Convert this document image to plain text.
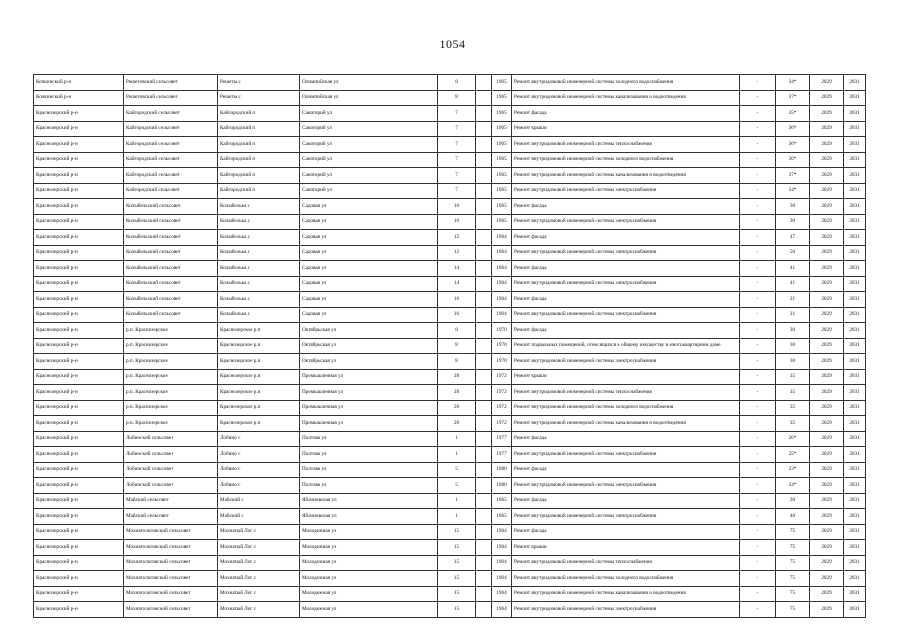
1054
Кочкинский р-н	Решетовский сельсовет	Решеты с	Олимпийская ул	8		1965	Ремонт внутридомовой инженерной системы холодного водоснабжения	-	34*	2029	2031
Кочкинский р-н	Решетовский сельсовет	Решеты с	Олимпийская ул	8		1965	Ремонт внутридомовой инженерной системы канализования и водоотведения	-	37*	2029	2031
Краснозерский р-н	Кайгородский сельсовет	Кайгородский п	Санаторий ул	7		1965	Ремонт фасада	-	35*	2029	2031
Краснозерский р-н	Кайгородский сельсовет	Кайгородский п	Санаторий ул	7		1965	Ремонт крыши	-	36*	2029	2031
Краснозерский р-н	Кайгородский сельсовет	Кайгородский п	Санаторий ул	7		1965	Ремонт внутридомовой инженерной системы теплоснабжения	-	36*	2029	2031
Краснозерский р-н	Кайгородский сельсовет	Кайгородский п	Санаторий ул	7		1965	Ремонт внутридомовой инженерной системы холодного водоснабжения	-	36*	2029	2031
Краснозерский р-н	Кайгородский сельсовет	Кайгородский п	Санаторий ул	7		1965	Ремонт внутридомовой инженерной системы канализования и водоотведения	-	37*	2029	2031
Краснозерский р-н	Кайгородский сельсовет	Кайгородский п	Санаторий ул	7		1965	Ремонт внутридомовой инженерной системы электроснабжения	-	34*	2029	2031
Краснозерский р-н	Колыбельский сельсовет	Колыбелька с	Садовая ул	10		1965	Ремонт фасада	-	30	2029	2031
Краснозерский р-н	Колыбельский сельсовет	Колыбелька с	Садовая ул	10		1965	Ремонт внутридомовой инженерной системы электроснабжения	-	30	2029	2031
Краснозерский р-н	Колыбельский сельсовет	Колыбелька с	Садовая ул	12		1964	Ремонт фасада	-	47	2029	2031
Краснозерский р-н	Колыбельский сельсовет	Колыбелька с	Садовая ул	12		1964	Ремонт внутридомовой инженерной системы электроснабжения	-	50	2029	2031
Краснозерский р-н	Колыбельский сельсовет	Колыбелька с	Садовая ул	14		1964	Ремонт фасада	-	41	2029	2031
Краснозерский р-н	Колыбельский сельсовет	Колыбелька с	Садовая ул	14		1964	Ремонт внутридомовой инженерной системы электроснабжения	-	41	2029	2031
Краснозерский р-н	Колыбельский сельсовет	Колыбелька с	Садовая ул	16		1964	Ремонт фасада	-	21	2029	2031
Краснозерский р-н	Колыбельский сельсовет	Колыбелька с	Садовая ул	16		1964	Ремонт внутридомовой инженерной системы электроснабжения	-	21	2029	2031
Краснозерский р-н	р.п. Краснозерское	Краснозерское р.п	Октябрьская ул	8		1970	Ремонт фасада	-	30	2029	2031
Краснозерский р-н	р.п. Краснозерское	Краснозерское р.п	Октябрьская ул	8		1970	Ремонт подвальных помещений, относящихся к общему имуществу в многоквартирном доме	-	30	2029	2031
Краснозерский р-н	р.п. Краснозерское	Краснозерское р.п	Октябрьская ул	8		1970	Ремонт внутридомовой инженерной системы электроснабжения	-	30	2029	2031
Краснозерский р-н	р.п. Краснозерское	Краснозерское р.п	Промышленная ул	28		1972	Ремонт крыши	-	35	2029	2031
Краснозерский р-н	р.п. Краснозерское	Краснозерское р.п	Промышленная ул	28		1972	Ремонт внутридомовой инженерной системы теплоснабжения	-	35	2029	2031
Краснозерский р-н	р.п. Краснозерское	Краснозерское р.п	Промышленная ул	28		1972	Ремонт внутридомовой инженерной системы холодного водоснабжения	-	35	2029	2031
Краснозерский р-н	р.п. Краснозерское	Краснозерское р.п	Промышленная ул	28		1972	Ремонт внутридомовой инженерной системы канализования и водоотведения	-	35	2029	2031
Краснозерский р-н	Лобинский сельсовет	Лобино с	Полтава ул	1		1977	Ремонт фасада	-	26*	2029	2031
Краснозерский р-н	Лобинский сельсовет	Лобино с	Полтава ул	1		1977	Ремонт внутридомовой инженерной системы электроснабжения	-	25*	2029	2031
Краснозерский р-н	Лобинский сельсовет	Лобино с	Полтава ул	5		1980	Ремонт фасада	-	23*	2029	2031
Краснозерский р-н	Лобинский сельсовет	Лобино с	Полтава ул	5		1980	Ремонт внутридомовой инженерной системы электроснабжения	-	24*	2029	2031
Краснозерский р-н	Майский сельсовет	Майский с	Яблоновская ул	1		1965	Ремонт фасада	-	30	2029	2031
Краснозерский р-н	Майский сельсовет	Майский с	Яблоновская ул	1		1965	Ремонт внутридомовой инженерной системы электроснабжения	-	40	2029	2031
Краснозерский р-н	Мохнатологовский сельсовет	Мохнатый Лог с	Молодежная ул	15		1964	Ремонт фасада	-	75	2029	2031
Краснозерский р-н	Мохнатологовский сельсовет	Мохнатый Лог с	Молодежная ул	15		1964	Ремонт крыши	-	75	2029	2031
Краснозерский р-н	Мохнатологовский сельсовет	Мохнатый Лог с	Молодежная ул	15		1964	Ремонт внутридомовой инженерной системы теплоснабжения	-	75	2029	2031
Краснозерский р-н	Мохнатологовский сельсовет	Мохнатый Лог с	Молодежная ул	15		1964	Ремонт внутридомовой инженерной системы холодного водоснабжения	-	75	2029	2031
Краснозерский р-н	Мохнатологовский сельсовет	Мохнатый Лог с	Молодежная ул	15		1964	Ремонт внутридомовой инженерной системы канализования и водоотведения	-	75	2029	2031
Краснозерский р-н	Мохнатологовский сельсовет	Мохнатый Лог с	Молодежная ул	15		1964	Ремонт внутридомовой инженерной системы электроснабжения	-	75	2029	2031
